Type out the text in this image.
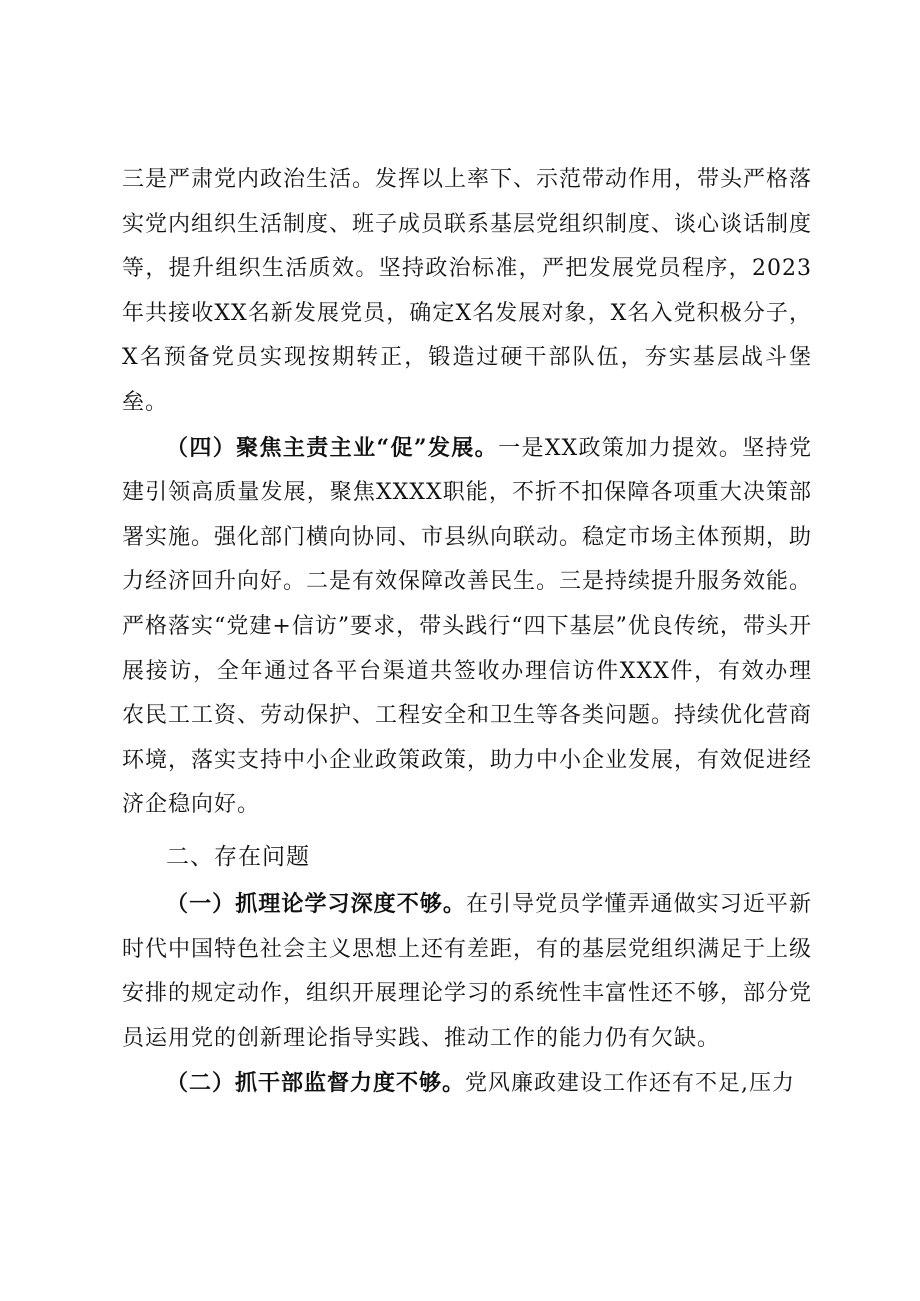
三是严肃党内政治生活。发挥以上率下、示范带动作用，带头严格落实党内组织生活制度、班子成员联系基层党组织制度、谈心谈话制度等，提升组织生活质效。坚持政治标准，严把发展党员程序，2023年共接收XX名新发展党员，确定X名发展对象，X名入党积极分子，X名预备党员实现按期转正，锻造过硬干部队伍，夯实基层战斗堡垒。

（四）聚焦主责主业“促”发展。一是XX政策加力提效。坚持党建引领高质量发展，聚焦XXXX职能，不折不扣保障各项重大决策部署实施。强化部门横向协同、市县纵向联动。稳定市场主体预期，助力经济回升向好。二是有效保障改善民生。三是持续提升服务效能。严格落实“党建+信访”要求，带头践行“四下基层”优良传统，带头开展接访，全年通过各平台渠道共签收办理信访件XXX件，有效办理农民工工资、劳动保护、工程安全和卫生等各类问题。持续优化营商环境，落实支持中小企业政策政策，助力中小企业发展，有效促进经济企稳向好。

二、存在问题

（一）抓理论学习深度不够。在引导党员学懂弄通做实习近平新时代中国特色社会主义思想上还有差距，有的基层党组织满足于上级安排的规定动作，组织开展理论学习的系统性丰富性还不够，部分党员运用党的创新理论指导实践、推动工作的能力仍有欠缺。

（二）抓干部监督力度不够。党风廉政建设工作还有不足,压力
